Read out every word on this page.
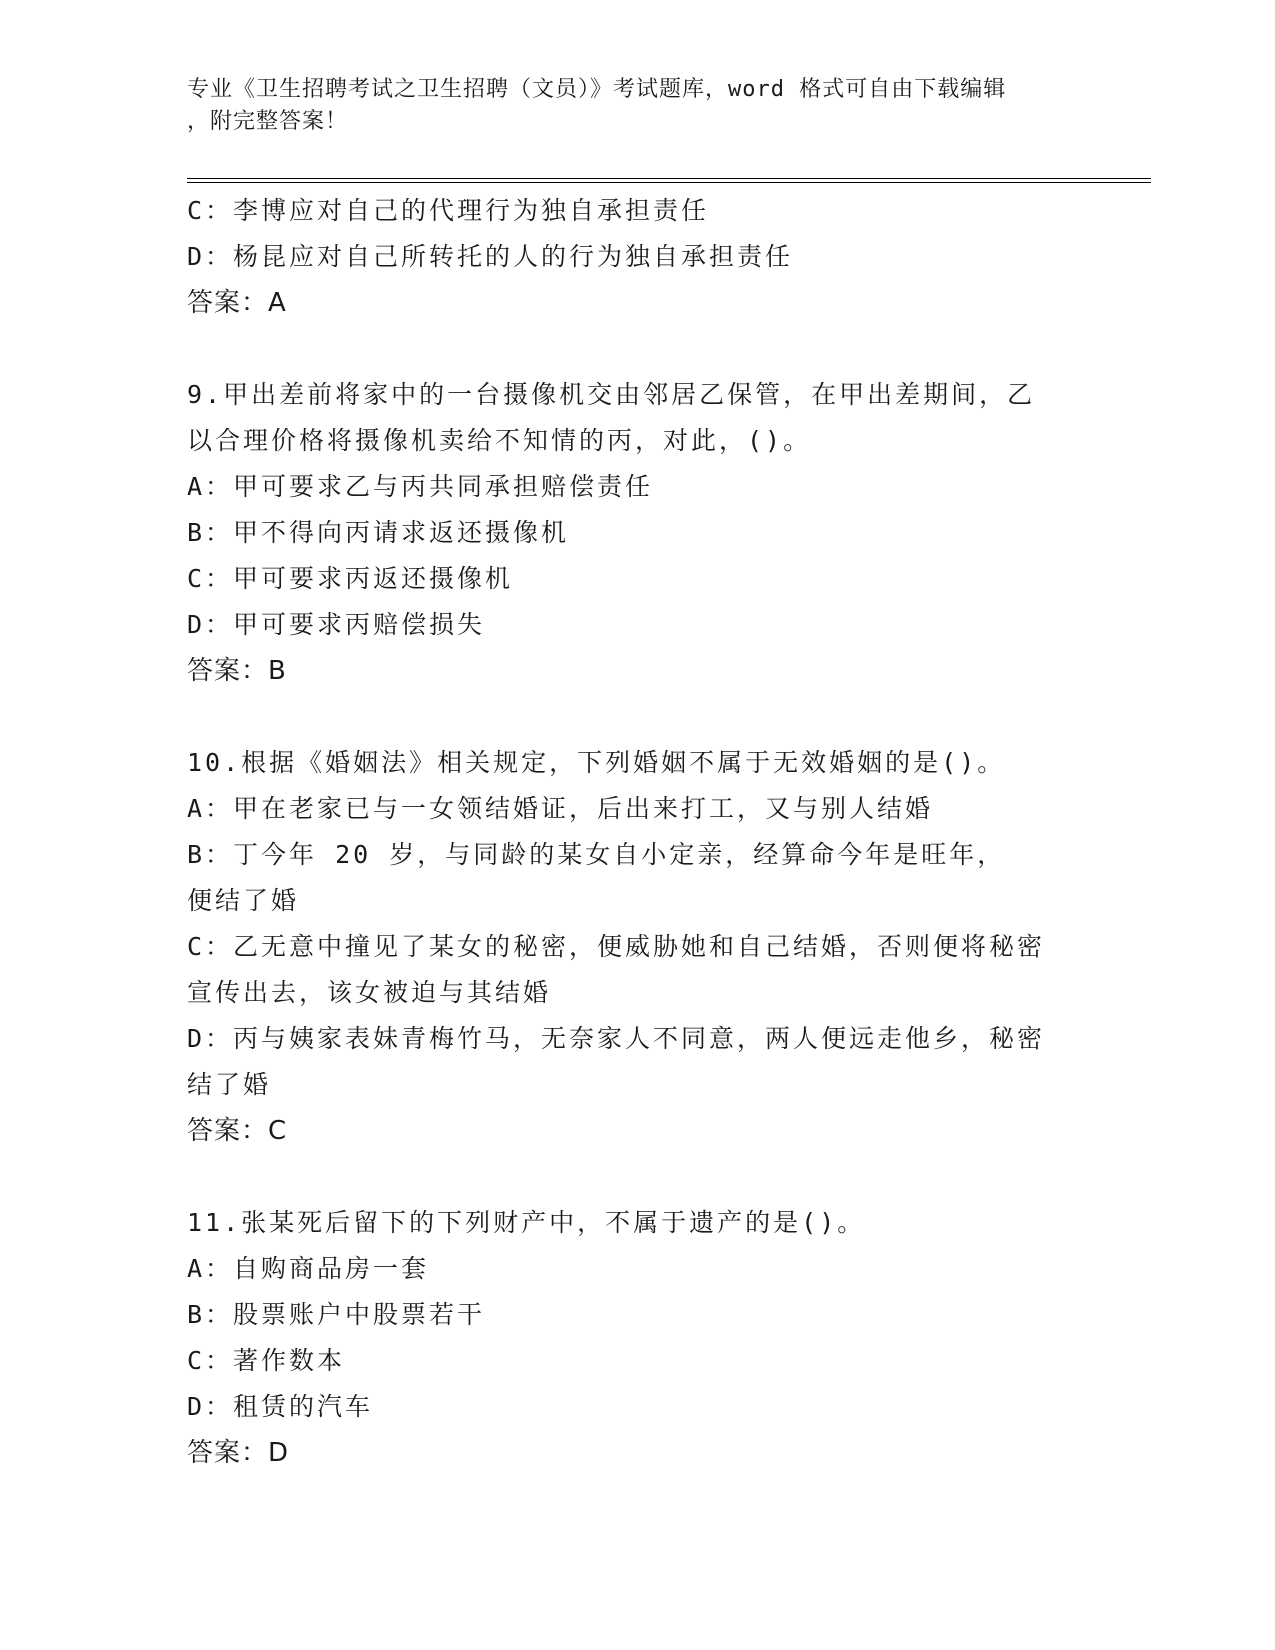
专业《卫生招聘考试之卫生招聘（文员）》考试题库，word 格式可自由下载编辑
，附完整答案！
C：李博应对自己的代理行为独自承担责任
D：杨昆应对自己所转托的人的行为独自承担责任
答案：A
9.甲出差前将家中的一台摄像机交由邻居乙保管，在甲出差期间，乙
以合理价格将摄像机卖给不知情的丙，对此，()。
A：甲可要求乙与丙共同承担赔偿责任
B：甲不得向丙请求返还摄像机
C：甲可要求丙返还摄像机
D：甲可要求丙赔偿损失
答案：B
10.根据《婚姻法》相关规定，下列婚姻不属于无效婚姻的是()。
A：甲在老家已与一女领结婚证，后出来打工，又与别人结婚
B：丁今年 20 岁，与同龄的某女自小定亲，经算命今年是旺年，便结了婚
C：乙无意中撞见了某女的秘密，便威胁她和自己结婚，否则便将秘密宣传出去，该女被迫与其结婚
D：丙与姨家表妹青梅竹马，无奈家人不同意，两人便远走他乡，秘密结了婚
答案：C
11.张某死后留下的下列财产中，不属于遗产的是()。
A：自购商品房一套
B：股票账户中股票若干
C：著作数本
D：租赁的汽车
答案：D
